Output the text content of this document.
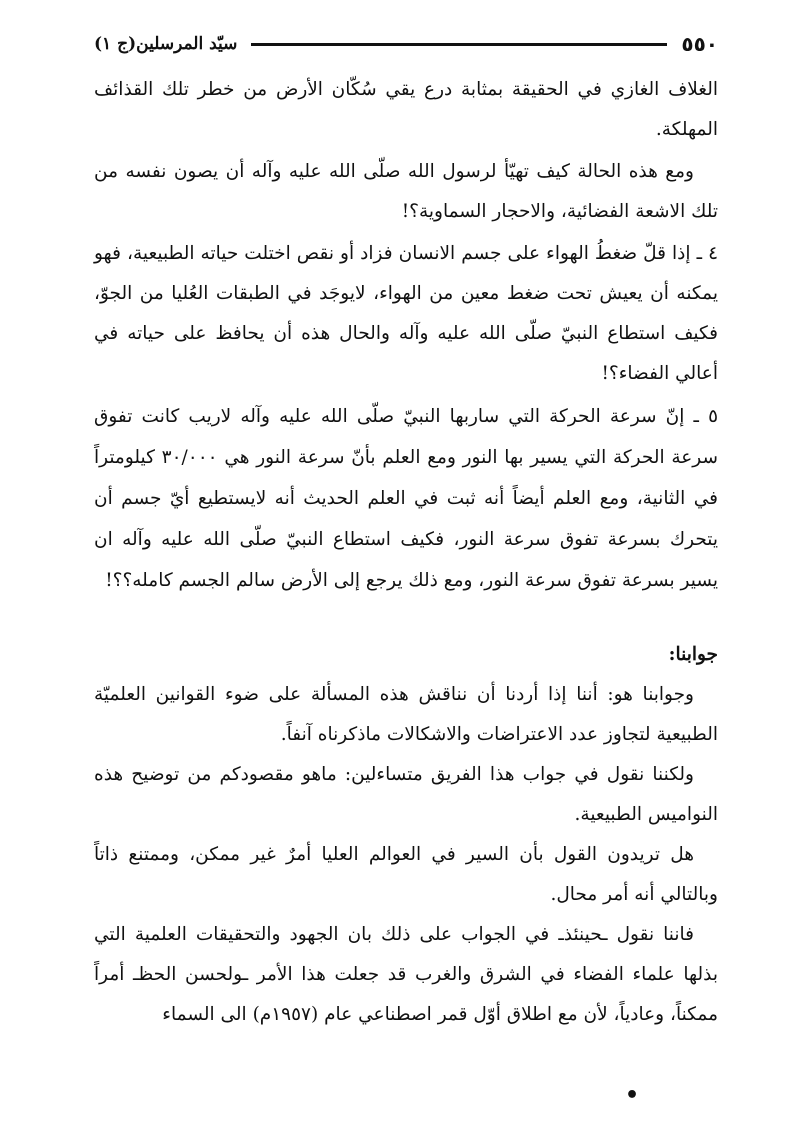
٥٥٠
سيّد المرسلين(ج ١)

الغلاف الغازي في الحقيقة بمثابة درع يقي سُكّان الأرض من خطر تلك القذائف المهلكة.

ومع هذه الحالة كيف تهيّأ لرسول الله صلّى الله عليه وآله أن يصون نفسه من تلك الاشعة الفضائية، والاحجار السماوية؟!

٤ ـ إذا قلّ ضغطُ الهواء على جسم الانسان فزاد أو نقص اختلت حياته الطبيعية، فهو يمكنه أن يعيش تحت ضغط معين من الهواء، لايوجَد في الطبقات العُليا من الجوّ، فكيف استطاع النبيّ صلّى الله عليه وآله والحال هذه أن يحافظ على حياته في أعالي الفضاء؟!

٥ ـ إنّ سرعة الحركة التي ساربها النبيّ صلّى الله عليه وآله لاريب كانت تفوق سرعة الحركة التي يسير بها النور ومع العلم بأنّ سرعة النور هي ٣٠/٠٠٠ كيلومتراً في الثانية، ومع العلم أيضاً أنه ثبت في العلم الحديث أنه لايستطيع أيّ جسم أن يتحرك بسرعة تفوق سرعة النور، فكيف استطاع النبيّ صلّى الله عليه وآله ان يسير بسرعة تفوق سرعة النور، ومع ذلك يرجع إلى الأرض سالم الجسم كامله؟؟!

جوابنا:

وجوابنا هو: أننا إذا أردنا أن نناقش هذه المسألة على ضوء القوانين العلميّة الطبيعية لتجاوز عدد الاعتراضات والاشكالات ماذكرناه آنفاً.

ولكننا نقول في جواب هذا الفريق متساءلين: ماهو مقصودكم من توضيح هذه النواميس الطبيعية.

هل تريدون القول بأن السير في العوالم العليا أمرٌ غير ممكن، وممتنع ذاتاً وبالتالي أنه أمر محال.

فاننا نقول ـحينئذـ في الجواب على ذلك بان الجهود والتحقيقات العلمية التي بذلها علماء الفضاء في الشرق والغرب قد جعلت هذا الأمر ـولحسن الحظـ أمراً ممكناً، وعادياً، لأن مع اطلاق أوّل قمر اصطناعي عام (١٩٥٧م) الى السماء

•
